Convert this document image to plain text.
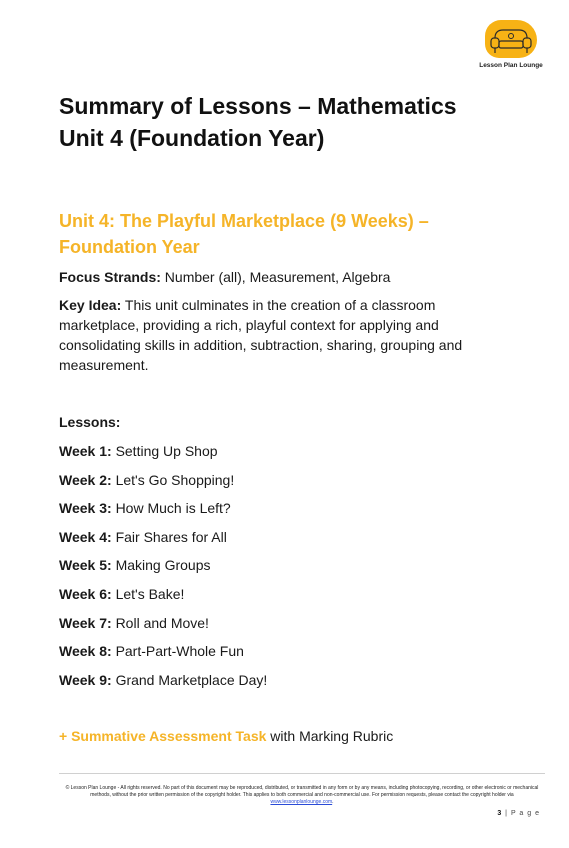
Lesson Plan Lounge
Summary of Lessons – Mathematics
Unit 4 (Foundation Year)
Unit 4: The Playful Marketplace (9 Weeks) –
Foundation Year

Focus Strands: Number (all), Measurement, Algebra

Key Idea: This unit culminates in the creation of a classroom marketplace, providing a rich, playful context for applying and consolidating skills in addition, subtraction, sharing, grouping and measurement.

Lessons:

Week 1: Setting Up Shop
Week 2: Let's Go Shopping!
Week 3: How Much is Left?
Week 4: Fair Shares for All
Week 5: Making Groups
Week 6: Let's Bake!
Week 7: Roll and Move!
Week 8: Part-Part-Whole Fun
Week 9: Grand Marketplace Day!

+ Summative Assessment Task with Marking Rubric

© Lesson Plan Lounge - All rights reserved. No part of this document may be reproduced, distributed, or transmitted in any form or by any means, including photocopying, recording, or other electronic or mechanical methods, without the prior written permission of the copyright holder. This applies to both commercial and non-commercial use. For permission requests, please contact the copyright holder via
www.lessonplanlounge.com.

3 | P a g e
